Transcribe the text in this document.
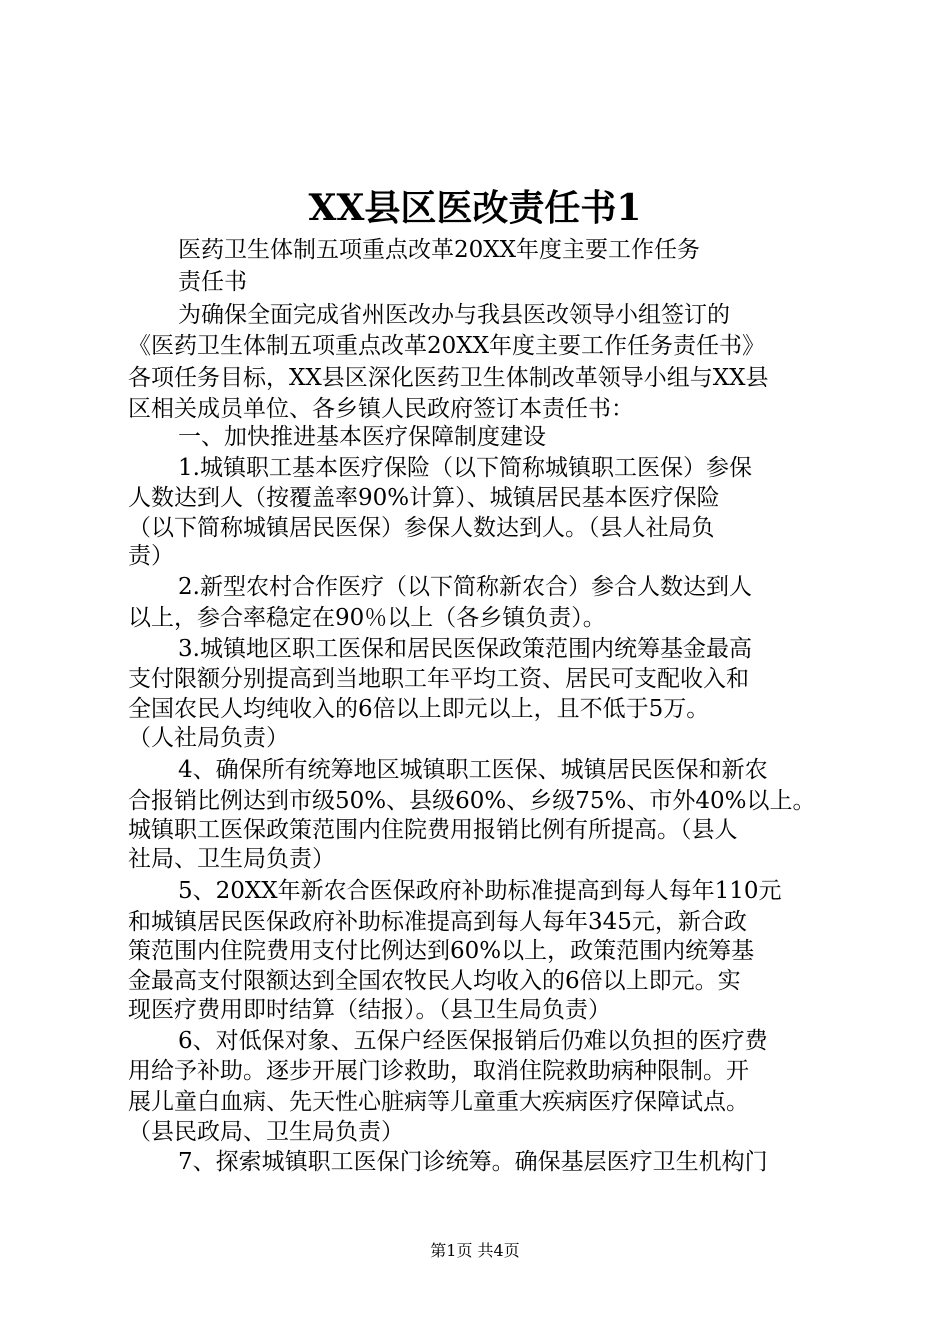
XX县区医改责任书1
医药卫生体制五项重点改革20XX年度主要工作任务
责任书
为确保全面完成省州医改办与我县医改领导小组签订的
《医药卫生体制五项重点改革20XX年度主要工作任务责任书》
各项任务目标，XX县区深化医药卫生体制改革领导小组与XX县
区相关成员单位、各乡镇人民政府签订本责任书：
一、加快推进基本医疗保障制度建设
1.城镇职工基本医疗保险（以下简称城镇职工医保）参保
人数达到人（按覆盖率90%计算）、城镇居民基本医疗保险
（以下简称城镇居民医保）参保人数达到人。（县人社局负
责）
2.新型农村合作医疗（以下简称新农合）参合人数达到人
以上，参合率稳定在90％以上（各乡镇负责）。
3.城镇地区职工医保和居民医保政策范围内统筹基金最高
支付限额分别提高到当地职工年平均工资、居民可支配收入和
全国农民人均纯收入的6倍以上即元以上，且不低于5万。
（人社局负责）
4、确保所有统筹地区城镇职工医保、城镇居民医保和新农
合报销比例达到市级50%、县级60%、乡级75%、市外40%以上。
城镇职工医保政策范围内住院费用报销比例有所提高。（县人
社局、卫生局负责）
5、20XX年新农合医保政府补助标准提高到每人每年110元
和城镇居民医保政府补助标准提高到每人每年345元，新合政
策范围内住院费用支付比例达到60%以上，政策范围内统筹基
金最高支付限额达到全国农牧民人均收入的6倍以上即元。实
现医疗费用即时结算（结报）。（县卫生局负责）
6、对低保对象、五保户经医保报销后仍难以负担的医疗费
用给予补助。逐步开展门诊救助，取消住院救助病种限制。开
展儿童白血病、先天性心脏病等儿童重大疾病医疗保障试点。
（县民政局、卫生局负责）
7、探索城镇职工医保门诊统筹。确保基层医疗卫生机构门
第1页 共4页
